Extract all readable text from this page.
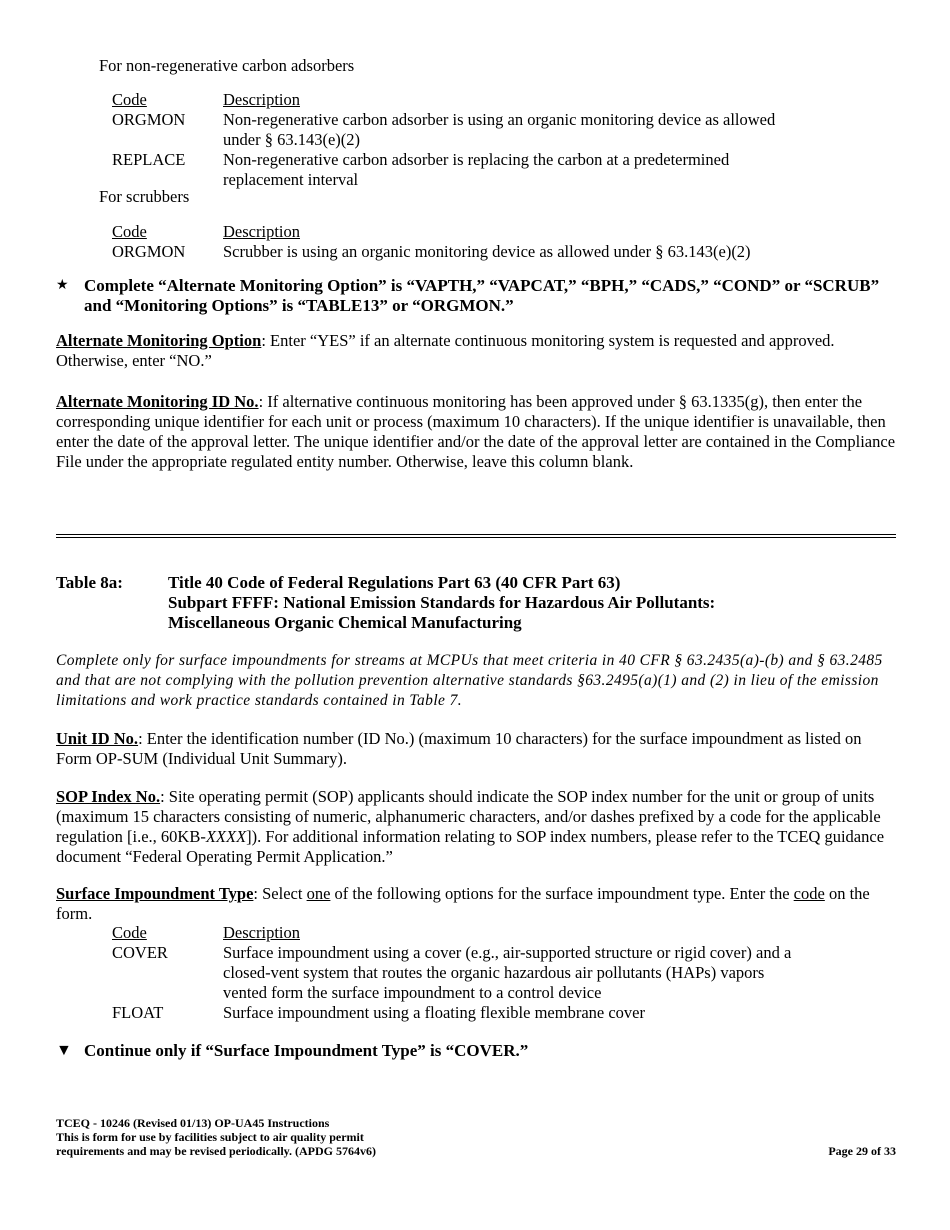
For non-regenerative carbon adsorbers

Code	Description
ORGMON	Non-regenerative carbon adsorber is using an organic monitoring device as allowed under § 63.143(e)(2)
REPLACE	Non-regenerative carbon adsorber is replacing the carbon at a predetermined replacement interval

For scrubbers

Code	Description
ORGMON	Scrubber is using an organic monitoring device as allowed under § 63.143(e)(2)
★ Complete “Alternate Monitoring Option” is “VAPTH,” “VAPCAT,” “BPH,” “CADS,” “COND” or “SCRUB” and “Monitoring Options” is “TABLE13” or “ORGMON.”

Alternate Monitoring Option: Enter “YES” if an alternate continuous monitoring system is requested and approved. Otherwise, enter “NO.”

Alternate Monitoring ID No.: If alternative continuous monitoring has been approved under § 63.1335(g), then enter the corresponding unique identifier for each unit or process (maximum 10 characters). If the unique identifier is unavailable, then enter the date of the approval letter. The unique identifier and/or the date of the approval letter are contained in the Compliance File under the appropriate regulated entity number. Otherwise, leave this column blank.

Table 8a:	Title 40 Code of Federal Regulations Part 63 (40 CFR Part 63)
Subpart FFFF: National Emission Standards for Hazardous Air Pollutants:
Miscellaneous Organic Chemical Manufacturing

Complete only for surface impoundments for streams at MCPUs that meet criteria in 40 CFR § 63.2435(a)-(b) and § 63.2485 and that are not complying with the pollution prevention alternative standards §63.2495(a)(1) and (2) in lieu of the emission limitations and work practice standards contained in Table 7.

Unit ID No.: Enter the identification number (ID No.) (maximum 10 characters) for the surface impoundment as listed on Form OP-SUM (Individual Unit Summary).

SOP Index No.: Site operating permit (SOP) applicants should indicate the SOP index number for the unit or group of units (maximum 15 characters consisting of numeric, alphanumeric characters, and/or dashes prefixed by a code for the applicable regulation [i.e., 60KB-XXXX]). For additional information relating to SOP index numbers, please refer to the TCEQ guidance document “Federal Operating Permit Application.”

Surface Impoundment Type: Select one of the following options for the surface impoundment type. Enter the code on the form.

Code	Description
COVER	Surface impoundment using a cover (e.g., air-supported structure or rigid cover) and a closed-vent system that routes the organic hazardous air pollutants (HAPs) vapors vented form the surface impoundment to a control device
FLOAT	Surface impoundment using a floating flexible membrane cover
▼ Continue only if “Surface Impoundment Type” is “COVER.”
TCEQ - 10246 (Revised 01/13) OP-UA45 Instructions
This is form for use by facilities subject to air quality permit
requirements and may be revised periodically. (APDG 5764v6)	Page 29 of 33
